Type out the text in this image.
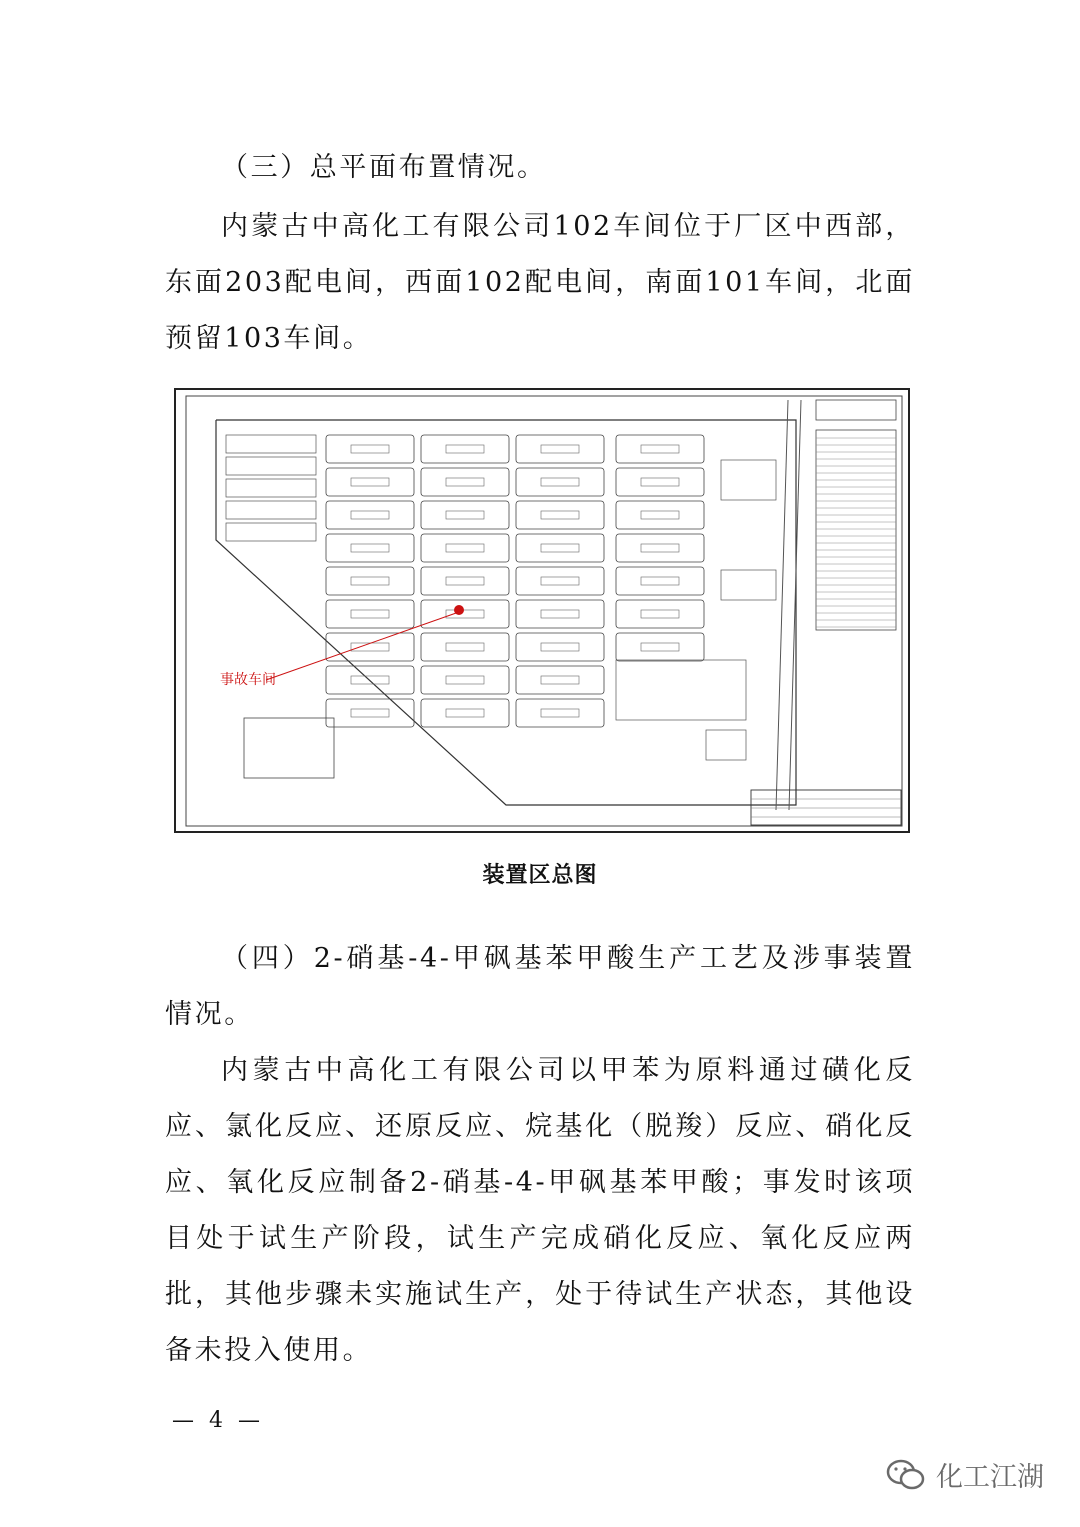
（三）总平面布置情况。

内蒙古中高化工有限公司102车间位于厂区中西部，东面203配电间，西面102配电间，南面101车间，北面预留103车间。

事故车间
装置区总图

（四）2-硝基-4-甲砜基苯甲酸生产工艺及涉事装置情况。

内蒙古中高化工有限公司以甲苯为原料通过磺化反应、氯化反应、还原反应、烷基化（脱羧）反应、硝化反应、氧化反应制备2-硝基-4-甲砜基苯甲酸；事发时该项目处于试生产阶段，试生产完成硝化反应、氧化反应两批，其他步骤未实施试生产，处于待试生产状态，其他设备未投入使用。

— 4 —
化工江湖
